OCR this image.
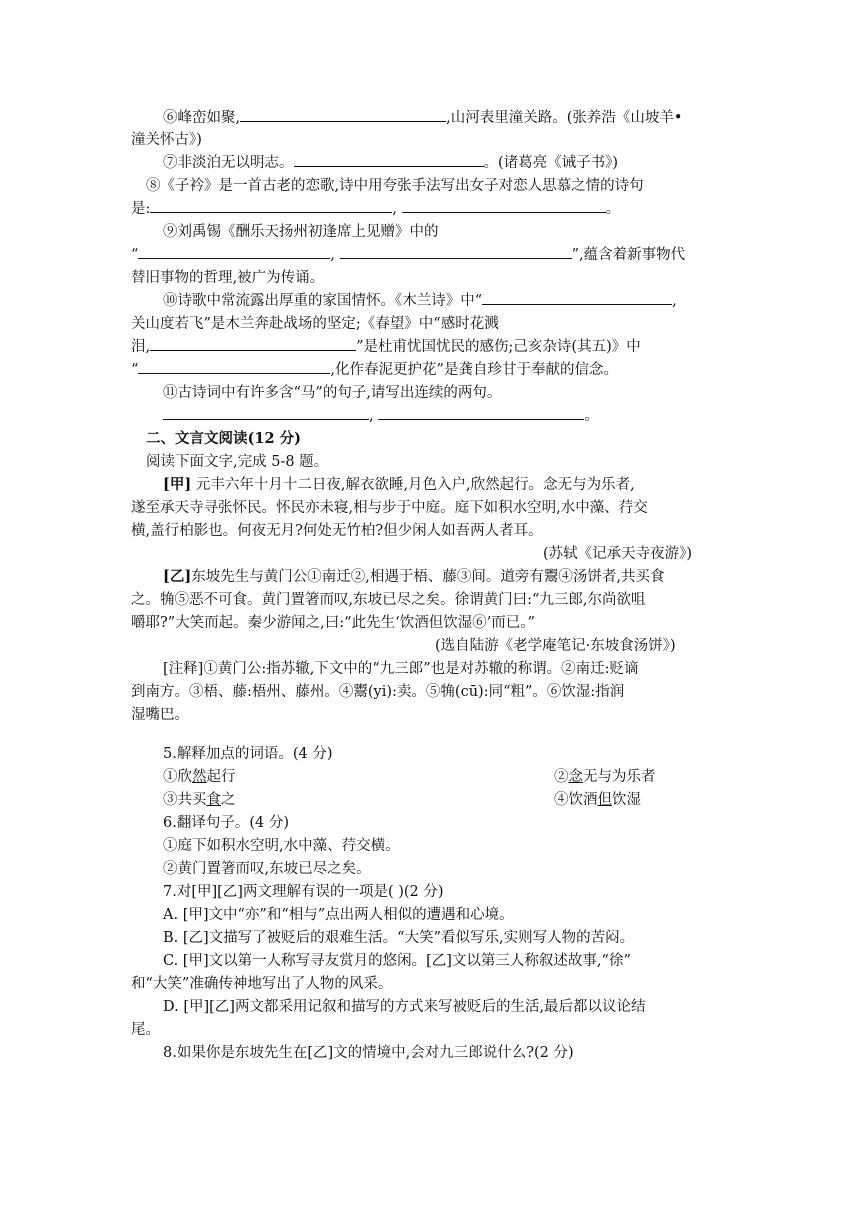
⑥峰峦如聚,	,山河表里潼关路。(张养浩《山坡羊•
潼关怀古》)
⑦非淡泊无以明志。	。(诸葛亮《诫子书》)
⑧《子衿》是一首古老的恋歌,诗中用夸张手法写出女子对恋人思慕之情的诗句
是:	,	。
⑨刘禹锡《酬乐天扬州初逢席上见赠》中的
“	,	”,蕴含着新事物代
替旧事物的哲理,被广为传诵。
⑩诗歌中常流露出厚重的家国情怀。《木兰诗》中“	,
关山度若飞”是木兰奔赴战场的坚定;《春望》中“感时花溅
泪,	”是杜甫忧国忧民的感伤;己亥杂诗(其五)》中
“	,化作春泥更护花”是龚自珍甘于奉献的信念。
⑪古诗词中有许多含“马”的句子,请写出连续的两句。
,	。
二、文言文阅读(12 分)
阅读下面文字,完成 5-8 题。
[甲] 元丰六年十月十二日夜,解衣欲睡,月色入户,欣然起行。念无与为乐者,
遂至承天寺寻张怀民。怀民亦未寝,相与步于中庭。庭下如积水空明,水中藻、荇交
横,盖行柏影也。何夜无月?何处无竹柏?但少闲人如吾两人者耳。
(苏轼《记承天寺夜游》)
[乙]东坡先生与黄门公①南迁②,相遇于梧、藤③间。道旁有鬻④汤饼者,共买食
之。觕⑤恶不可食。黄门置箸而叹,东坡已尽之矣。徐谓黄门曰:“九三郎,尔尚欲咀
嚼耶?”大笑而起。秦少游闻之,曰:“此先生‘饮酒但饮湿⑥’而已。”
(选自陆游《老学庵笔记·东坡食汤饼》)
[注释]①黄门公:指苏辙,下文中的“九三郎”也是对苏辙的称谓。②南迁:贬谪
到南方。③梧、藤:梧州、藤州。④鬻(yi):卖。⑤觕(cū):同“粗”。⑥饮湿:指润
湿嘴巴。
5.解释加点的词语。(4 分)
①欣然起行	②念无与为乐者
③共买食之	④饮酒但饮湿
6.翻译句子。(4 分)
①庭下如积水空明,水中藻、荇交横。
②黄门置箸而叹,东坡已尽之矣。
7.对[甲][乙]两文理解有误的一项是( )(2 分)
A. [甲]文中“亦”和“相与”点出两人相似的遭遇和心境。
B. [乙]文描写了被贬后的艰难生活。“大笑”看似写乐,实则写人物的苦闷。
C. [甲]文以第一人称写寻友赏月的悠闲。[乙]文以第三人称叙述故事,“徐”
和“大笑”准确传神地写出了人物的风采。
D. [甲][乙]两文都采用记叙和描写的方式来写被贬后的生活,最后都以议论结
尾。
8.如果你是东坡先生在[乙]文的情境中,会对九三郎说什么?(2 分)
